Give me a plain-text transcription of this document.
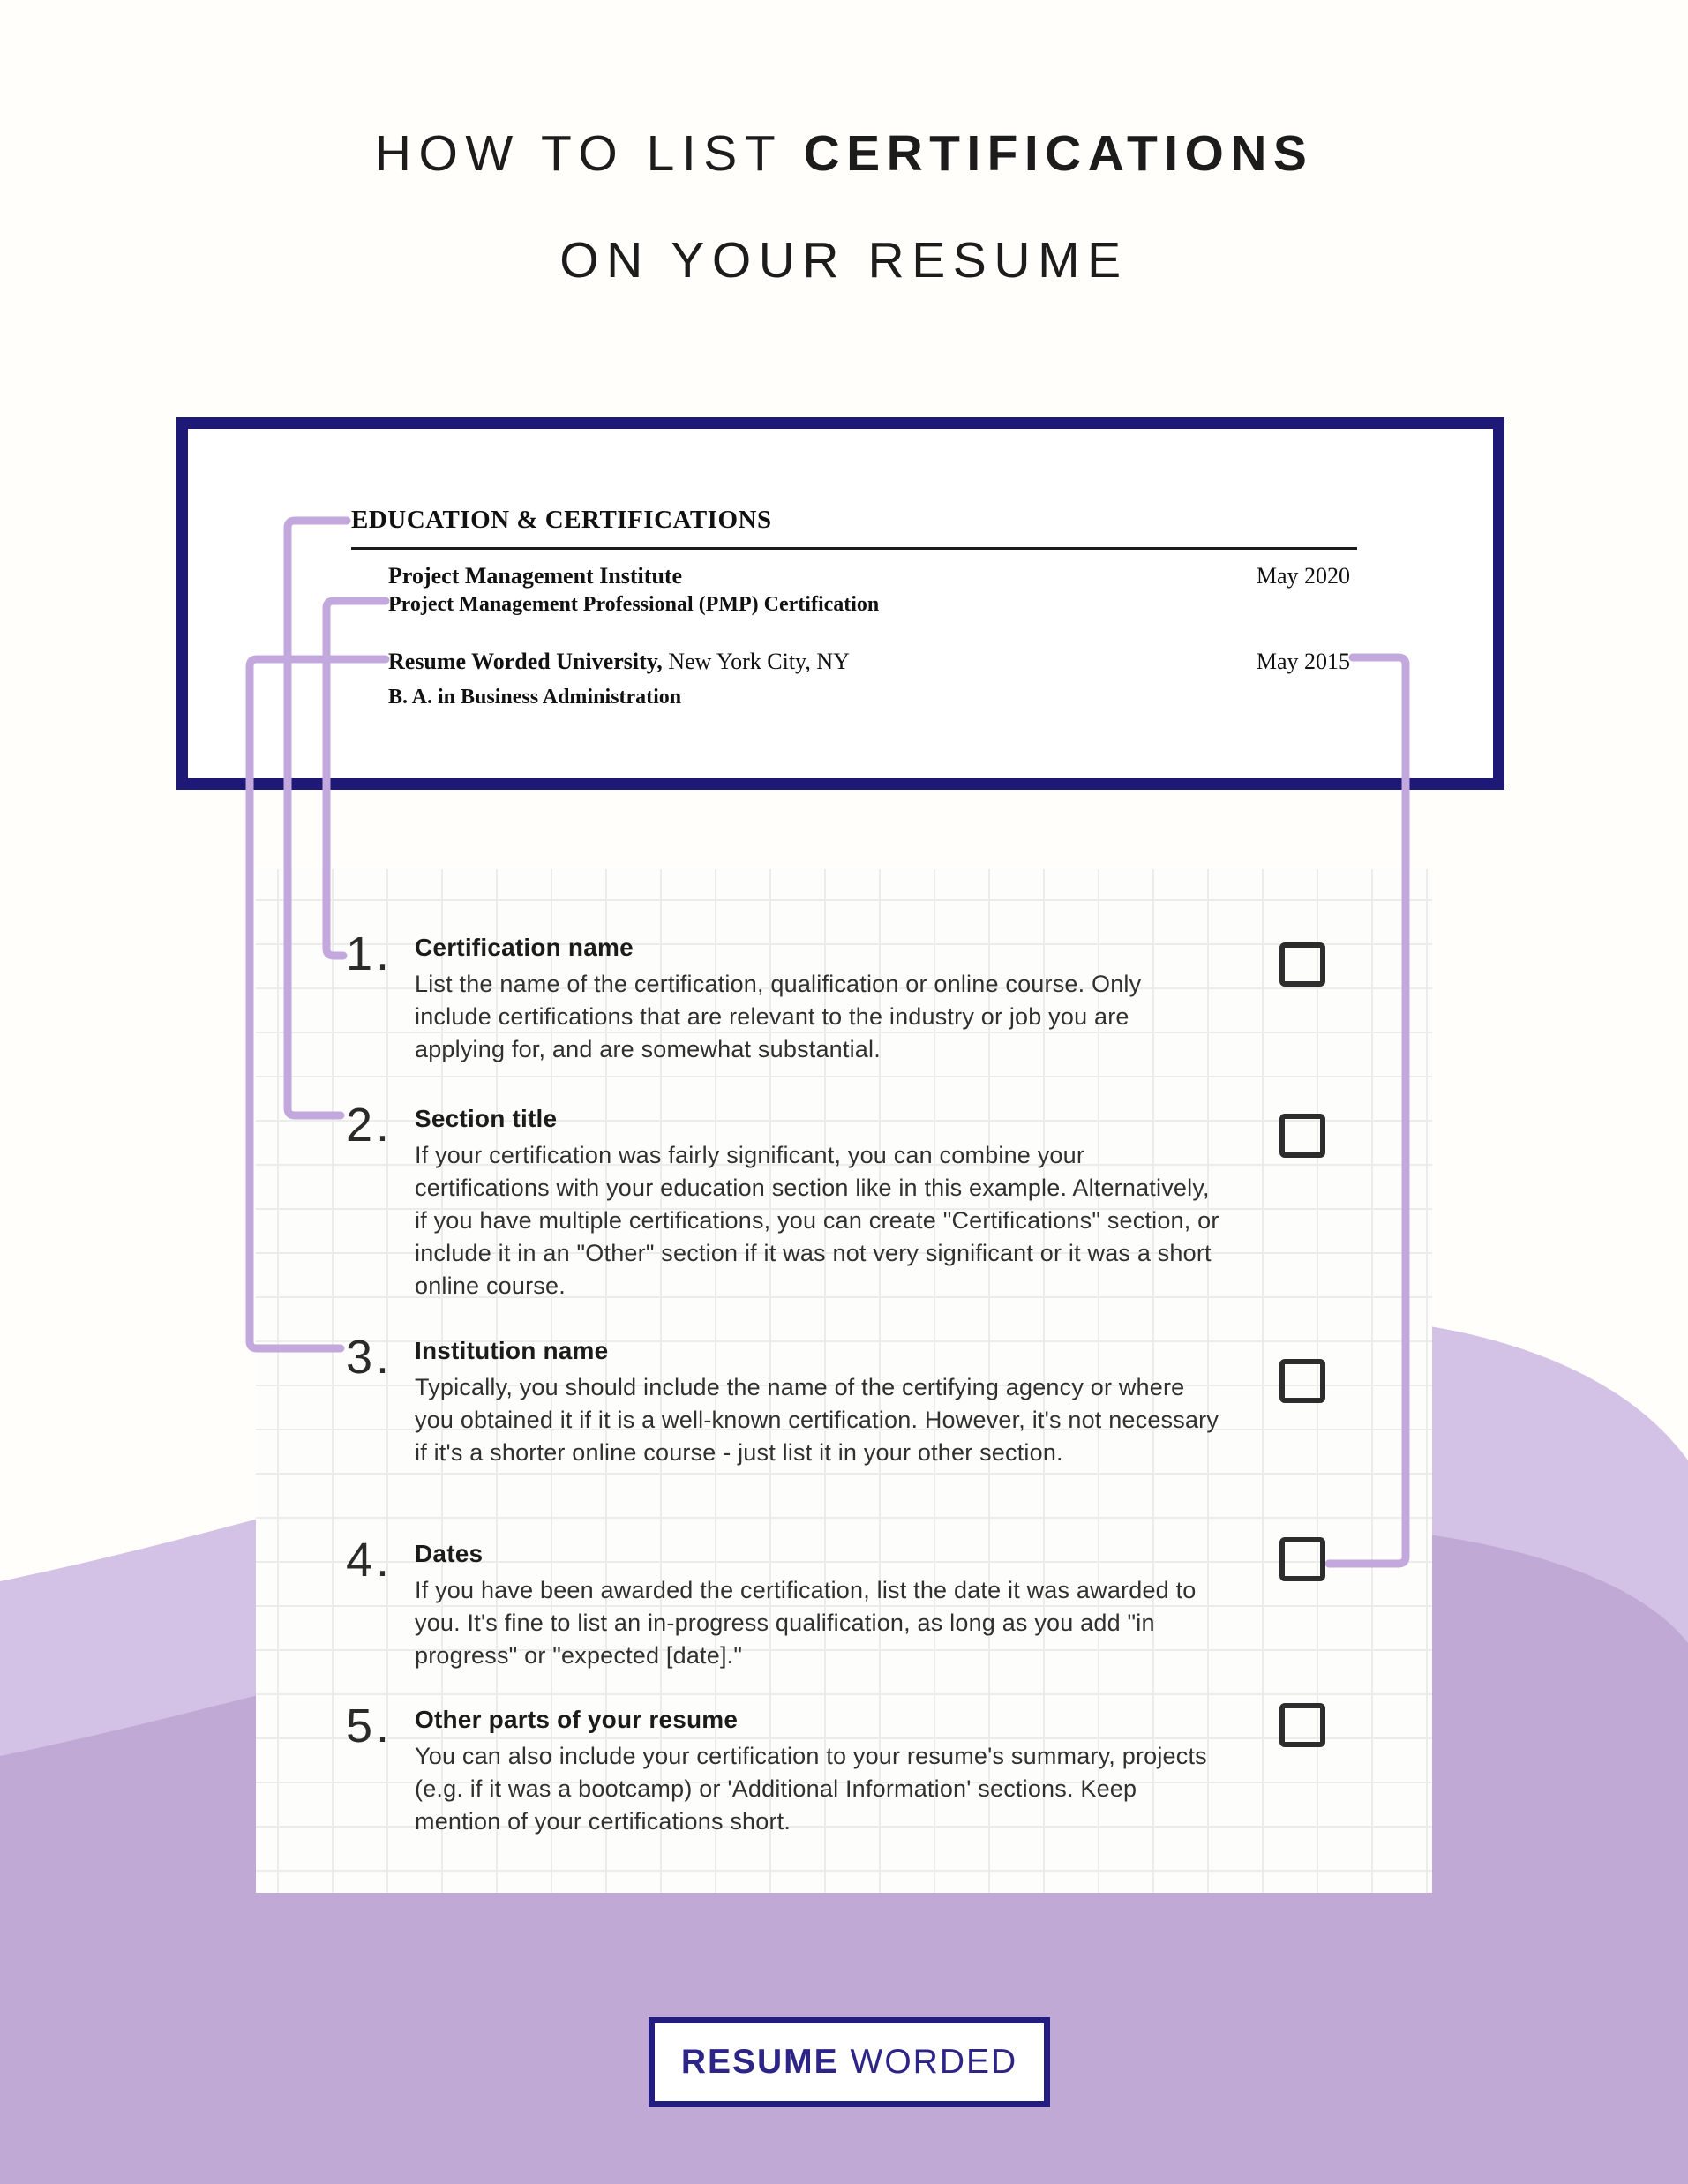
HOW TO LIST CERTIFICATIONS
ON YOUR RESUME
EDUCATION & CERTIFICATIONS
Project Management Institute	May 2020
Project Management Professional (PMP) Certification
Resume Worded University, New York City, NY	May 2015
B. A. in Business Administration
1. Certification name

List the name of the certification, qualification or online course. Only include certifications that are relevant to the industry or job you are applying for, and are somewhat substantial.

2. Section title

If your certification was fairly significant, you can combine your certifications with your education section like in this example. Alternatively, if you have multiple certifications, you can create "Certifications" section, or include it in an "Other" section if it was not very significant or it was a short online course.

3. Institution name

Typically, you should include the name of the certifying agency or where you obtained it if it is a well-known certification. However, it's not necessary if it's a shorter online course - just list it in your other section.

4. Dates

If you have been awarded the certification, list the date it was awarded to you. It's fine to list an in-progress qualification, as long as you add "in progress" or "expected [date]."

5. Other parts of your resume

You can also include your certification to your resume's summary, projects (e.g. if it was a bootcamp) or 'Additional Information' sections. Keep mention of your certifications short.

RESUME WORDED
